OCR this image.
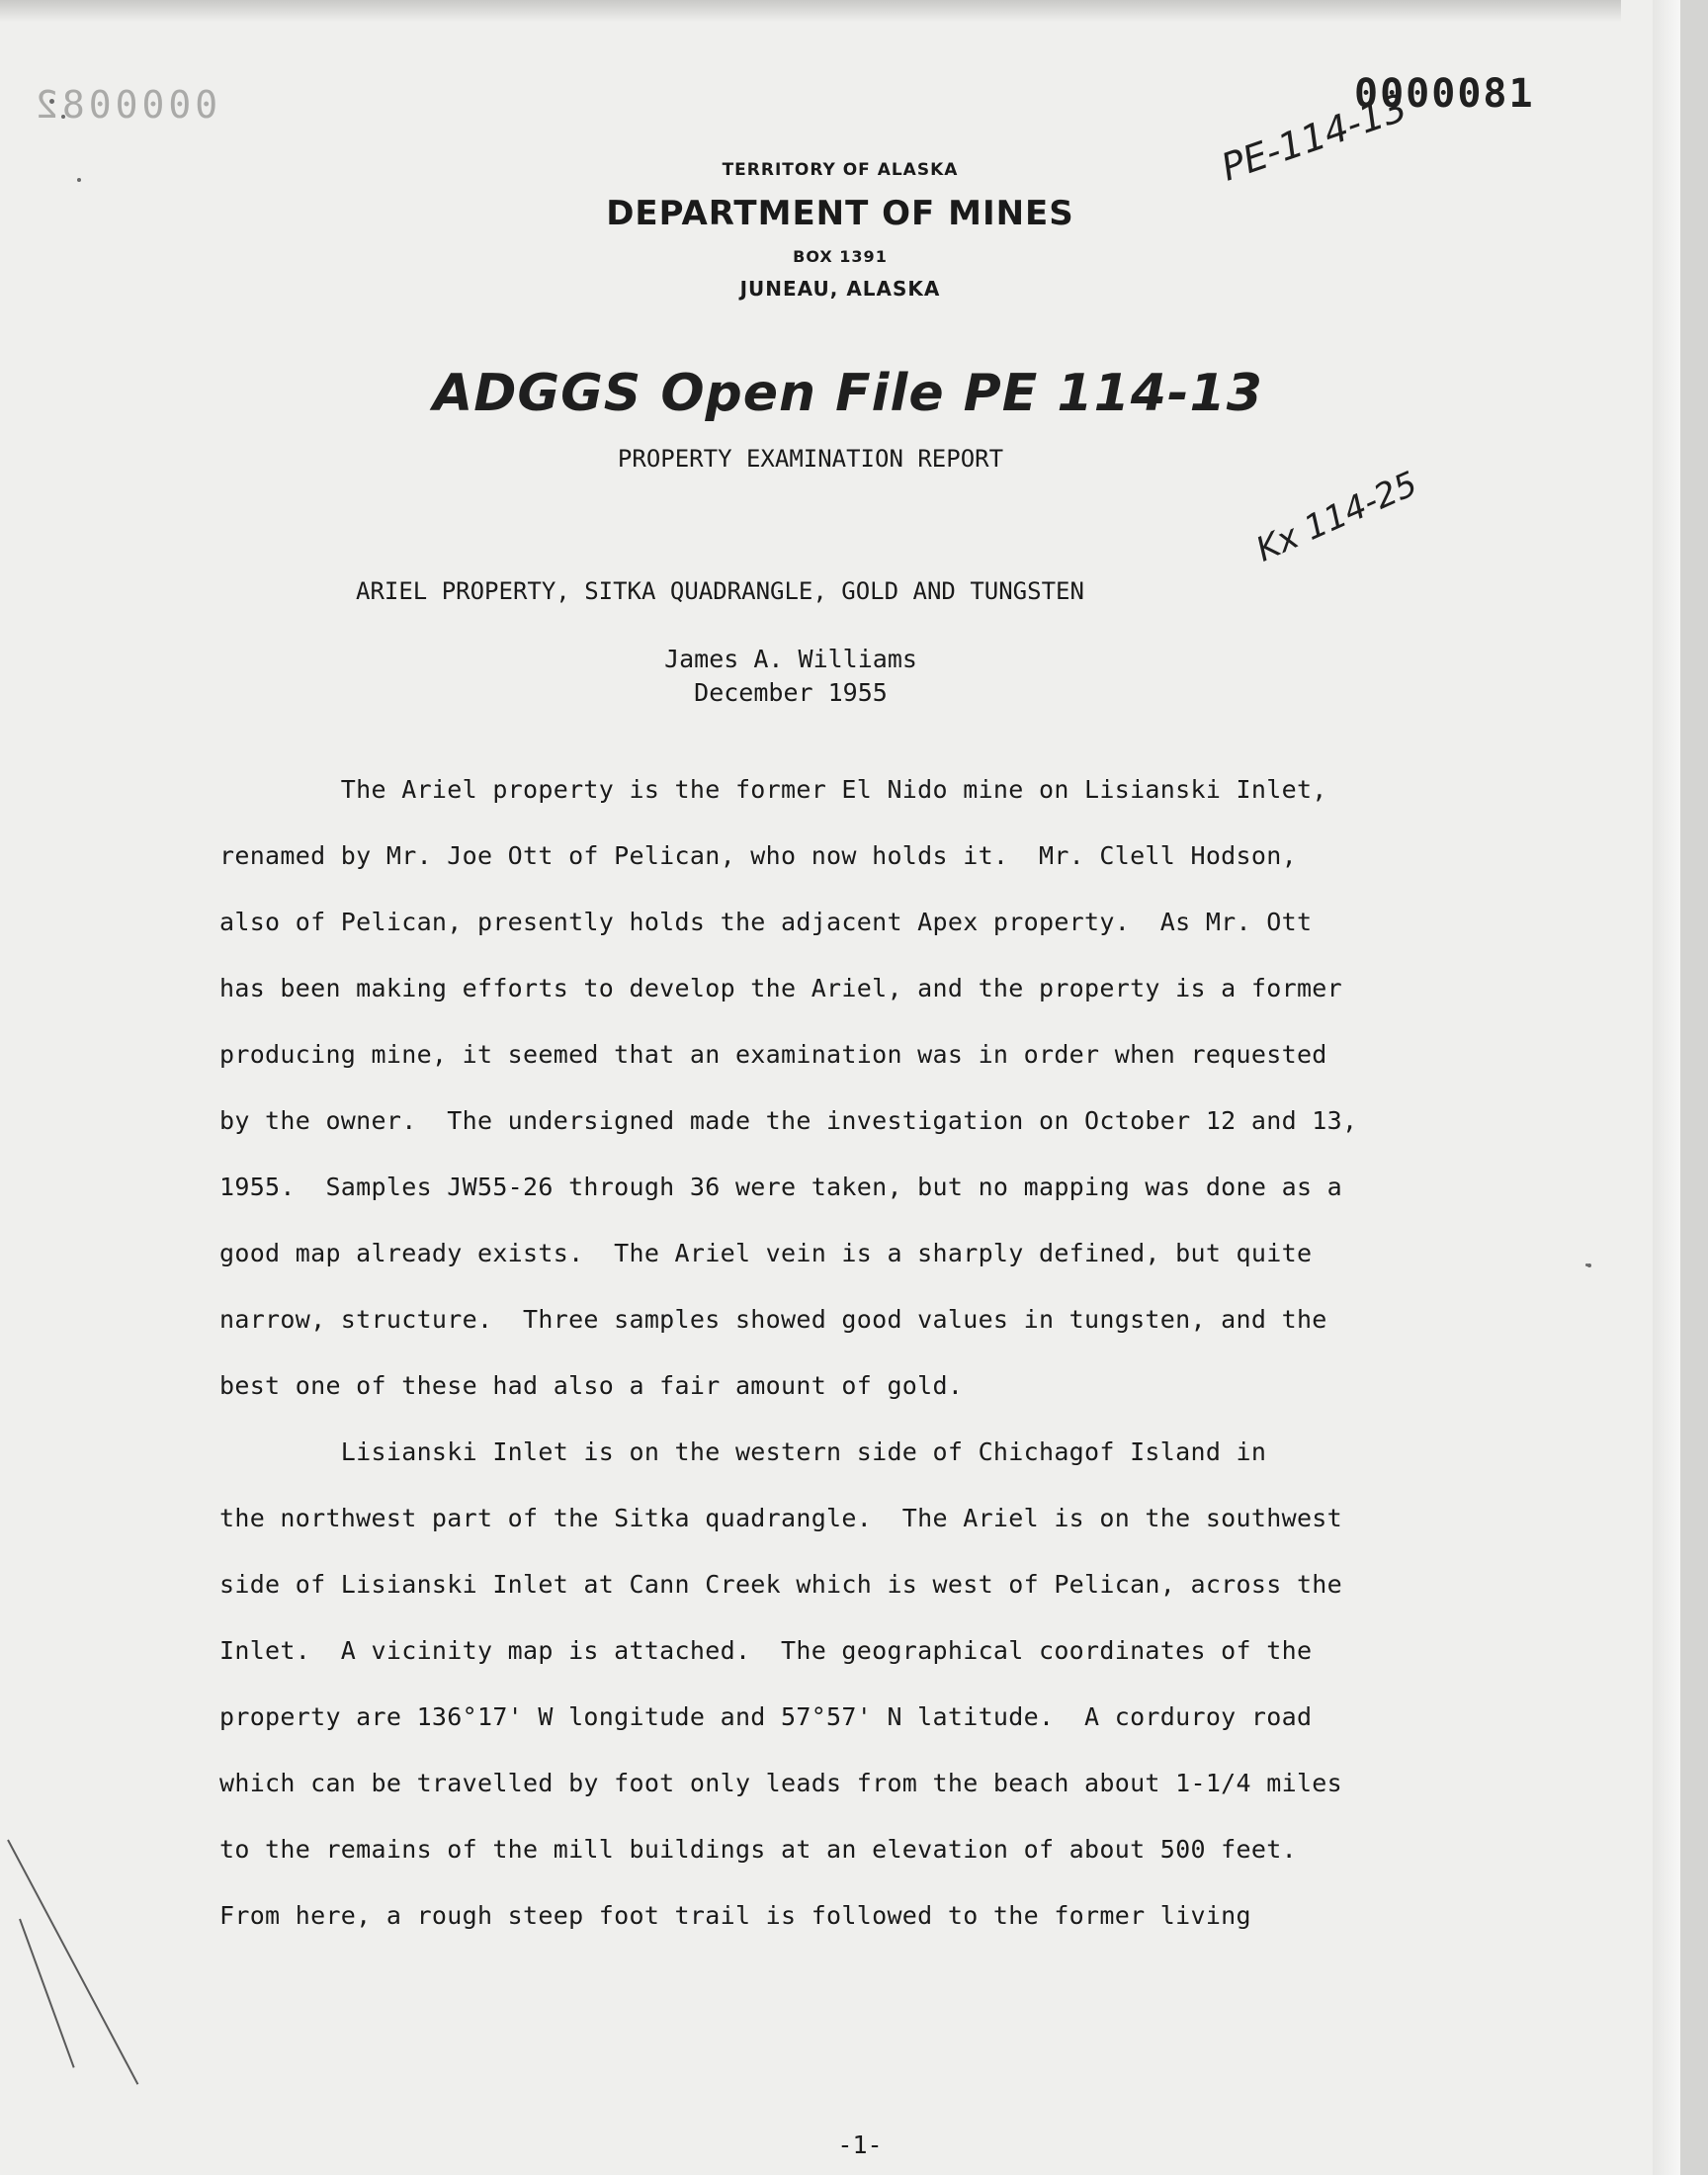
0000082	0000081
TERRITORY OF ALASKA
DEPARTMENT OF MINES
BOX 1391
JUNEAU, ALASKA
PE-114-13
ADGGS Open File PE 114-13
Kx 114-25
PROPERTY EXAMINATION REPORT
ARIEL PROPERTY, SITKA QUADRANGLE, GOLD AND TUNGSTEN
James A. Williams
December 1955
The Ariel property is the former El Nido mine on Lisianski Inlet,
renamed by Mr. Joe Ott of Pelican, who now holds it.  Mr. Clell Hodson,
also of Pelican, presently holds the adjacent Apex property.  As Mr. Ott
has been making efforts to develop the Ariel, and the property is a former
producing mine, it seemed that an examination was in order when requested
by the owner.  The undersigned made the investigation on October 12 and 13,
1955.  Samples JW55-26 through 36 were taken, but no mapping was done as a
good map already exists.  The Ariel vein is a sharply defined, but quite
narrow, structure.  Three samples showed good values in tungsten, and the
best one of these had also a fair amount of gold.
Lisianski Inlet is on the western side of Chichagof Island in
the northwest part of the Sitka quadrangle.  The Ariel is on the southwest
side of Lisianski Inlet at Cann Creek which is west of Pelican, across the
Inlet.  A vicinity map is attached.  The geographical coordinates of the
property are 136°17' W longitude and 57°57' N latitude.  A corduroy road
which can be travelled by foot only leads from the beach about 1-1/4 miles
to the remains of the mill buildings at an elevation of about 500 feet.
From here, a rough steep foot trail is followed to the former living
-1-
